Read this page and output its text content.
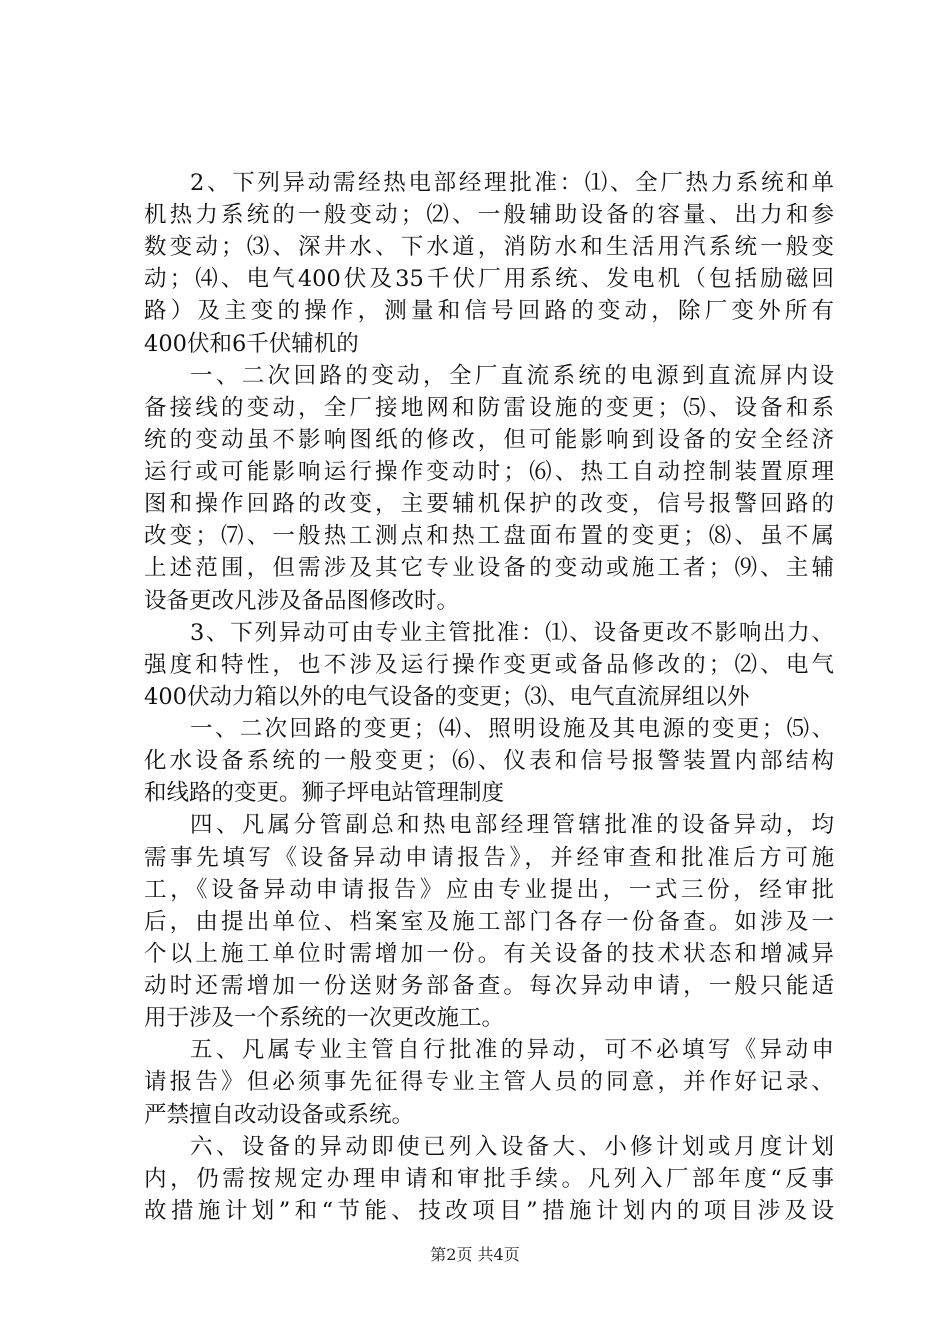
2、下列异动需经热电部经理批准：⑴、全厂热力系统和单
机热力系统的一般变动；⑵、一般辅助设备的容量、出力和参
数变动；⑶、深井水、下水道，消防水和生活用汽系统一般变
动；⑷、电气400伏及35千伏厂用系统、发电机（包括励磁回
路）及主变的操作，测量和信号回路的变动，除厂变外所有
400伏和6千伏辅机的
一、二次回路的变动，全厂直流系统的电源到直流屏内设
备接线的变动，全厂接地网和防雷设施的变更；⑸、设备和系
统的变动虽不影响图纸的修改，但可能影响到设备的安全经济
运行或可能影响运行操作变动时；⑹、热工自动控制装置原理
图和操作回路的改变，主要辅机保护的改变，信号报警回路的
改变；⑺、一般热工测点和热工盘面布置的变更；⑻、虽不属
上述范围，但需涉及其它专业设备的变动或施工者；⑼、主辅
设备更改凡涉及备品图修改时。
3、下列异动可由专业主管批准：⑴、设备更改不影响出力、
强度和特性，也不涉及运行操作变更或备品修改的；⑵、电气
400伏动力箱以外的电气设备的变更；⑶、电气直流屏组以外
一、二次回路的变更；⑷、照明设施及其电源的变更；⑸、
化水设备系统的一般变更；⑹、仪表和信号报警装置内部结构
和线路的变更。狮子坪电站管理制度
四、凡属分管副总和热电部经理管辖批准的设备异动，均
需事先填写《设备异动申请报告》，并经审查和批准后方可施
工，《设备异动申请报告》应由专业提出，一式三份，经审批
后，由提出单位、档案室及施工部门各存一份备查。如涉及一
个以上施工单位时需增加一份。有关设备的技术状态和增减异
动时还需增加一份送财务部备查。每次异动申请，一般只能适
用于涉及一个系统的一次更改施工。
五、凡属专业主管自行批准的异动，可不必填写《异动申
请报告》但必须事先征得专业主管人员的同意，并作好记录、
严禁擅自改动设备或系统。
六、设备的异动即使已列入设备大、小修计划或月度计划
内，仍需按规定办理申请和审批手续。凡列入厂部年度“反事
故措施计划”和“节能、技改项目”措施计划内的项目涉及设
第2页 共4页
